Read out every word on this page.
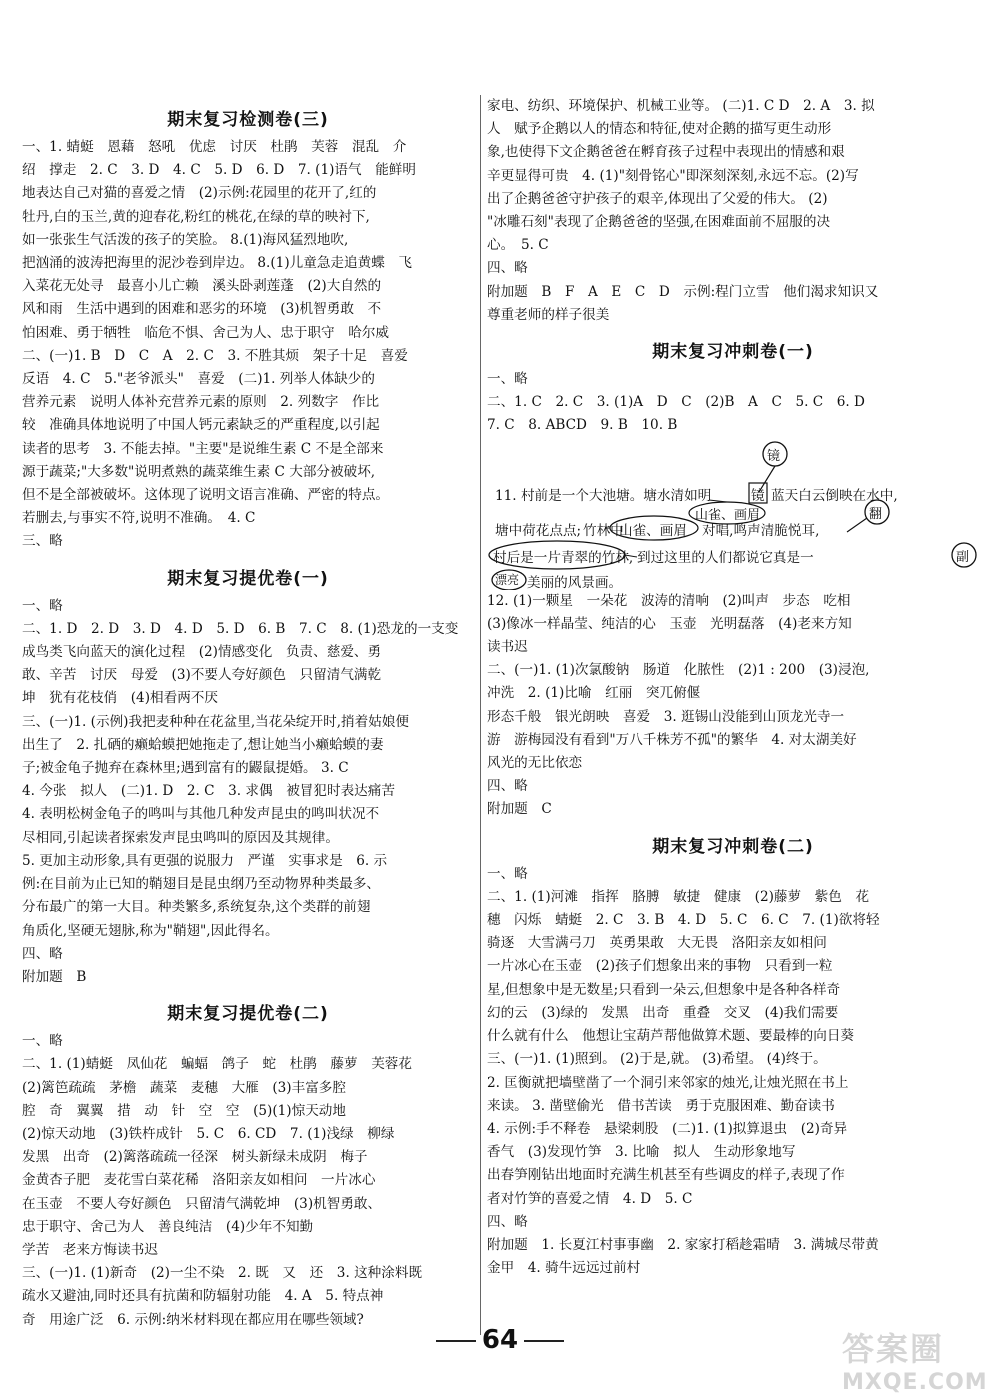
期末复习检测卷(三)
一、1. 蜻蜓　恩藉　怒吼　优虑　讨厌　杜鹃　芙蓉　混乱　介
绍　撑走　2. C　3. D　4. C　5. D　6. D　7. (1)语气　能鲜明
地表达自己对猫的喜爱之情　(2)示例:花园里的花开了,红的
牡丹,白的玉兰,黄的迎春花,粉红的桃花,在绿的草的映衬下,
如一张张生气活泼的孩子的笑脸。 8.(1)海风猛烈地吹,
把汹涌的波涛把海里的泥沙卷到岸边。 8.(1)儿童急走追黄蝶　飞
入菜花无处寻　最喜小儿亡赖　溪头卧剥莲蓬　(2)大自然的
风和雨　生活中遇到的困难和恶劣的环境　(3)机智勇敢　不
怕困难、勇于牺牲　临危不惧、舍己为人、忠于职守　哈尔威
二、(一)1. B　D　C　A　2. C　3. 不胜其烦　架子十足　喜爱
反语　4. C　5."老爷派头"　喜爱　(二)1. 列举人体缺少的
营养元素　说明人体补充营养元素的原则　2. 列数字　作比
较　准确具体地说明了中国人钙元素缺乏的严重程度,以引起
读者的思考　3. 不能去掉。"主要"是说维生素 C 不是全部来
源于蔬菜;"大多数"说明煮熟的蔬菜维生素 C 大部分被破坏,
但不是全部被破坏。这体现了说明文语言准确、严密的特点。
若删去,与事实不符,说明不准确。　4. C
三、略
期末复习提优卷(一)
一、略
二、1. D　2. D　3. D　4. D　5. D　6. B　7. C　8. (1)恐龙的一支变
成鸟类飞向蓝天的演化过程　(2)情感变化　负责、慈爱、勇
敢、辛苦　讨厌　母爱　(3)不要人夸好颜色　只留清气满乾
坤　犹有花枝俏　(4)相看两不厌
三、(一)1. (示例)我把麦种种在花盆里,当花朵绽开时,捎着姑娘便
出生了　2. 扎硒的癞蛤蟆把她拖走了,想让她当小癞蛤蟆的妻
子;被金龟子抛弃在森林里;遇到富有的鼹鼠提婚。 3. C
4. 今张　拟人　(二)1. D　2. C　3. 求偶　被冒犯时表达痛苦
4. 表明松树金龟子的鸣叫与其他几种发声昆虫的鸣叫状况不
尽相同,引起读者探索发声昆虫鸣叫的原因及其规律。
5. 更加主动形象,具有更强的说服力　严谨　实事求是　6. 示
例:在目前为止已知的鞘翅目是昆虫纲乃至动物界种类最多、
分布最广的第一大目。种类繁多,系统复杂,这个类群的前翅
角质化,坚硬无翅脉,称为"鞘翅",因此得名。
四、略
附加题　B
期末复习提优卷(二)
一、略
二、1. (1)蜻蜓　凤仙花　蝙蝠　鸽子　蛇　杜鹃　藤萝　芙蓉花
(2)篱笆疏疏　茅檐　蔬菜　麦穗　大雁　(3)丰富多腔
腔　奇　翼翼　措　动　针　空　空　(5)(1)惊天动地
(2)惊天动地　(3)铁杵成针　5. C　6. CD　7. (1)浅绿　柳绿
发黑　出奇　(2)篱落疏疏一径深　树头新绿未成阴　梅子
金黄杏子肥　麦花雪白菜花稀　洛阳亲友如相问　一片冰心
在玉壶　不要人夸好颜色　只留清气满乾坤　(3)机智勇敢、
忠于职守、舍己为人　善良纯洁　(4)少年不知勤
学苦　老来方悔读书迟
三、(一)1. (1)新奇　(2)一尘不染　2. 既　又　还　3. 这种涂料既
疏水又避油,同时还具有抗菌和防辐射功能　4. A　5. 特点神
奇　用途广泛　6. 示例:纳米材料现在都应用在哪些领域?
家电、纺织、环境保护、机械工业等。 (二)1. C D　2. A　3. 拟
人　赋予企鹅以人的情态和特征,使对企鹅的描写更生动形
象,也使得下文企鹅爸爸在孵育孩子过程中表现出的情感和艰
辛更显得可贵　4. (1)"刻骨铭心"即深刻深刻,永远不忘。(2)写
出了企鹅爸爸守护孩子的艰辛,体现出了父爱的伟大。 (2)
"冰雕石刻"表现了企鹅爸爸的坚强,在困难面前不屈服的决
心。　5. C
四、略
附加题　B　F　A　E　C　D　示例:程门立雪　他们渴求知识又
尊重老师的样子很美
期末复习冲刺卷(一)
一、略
二、1. C　2. C　3. (1)A　D　C　(2)B　A　C　5. C　6. D
7. C　8. ABCD　9. B　10. B
镜
11. 村前是一个大池塘。塘水清如明	镜 蓝天白云倒映在水中,
山雀、画眉
塘中荷花点点; 竹林中
山雀、画眉 对唱,鸣声清脆悦耳,
翻
村后是一片青翠的竹林, 到过这里的人们都说它真是一	副
漂亮 美丽的风景画。
12. (1)一颗星　一朵花　波涛的清响　(2)叫声　步态　吃相
(3)像冰一样晶莹、纯洁的心　玉壶　光明磊落　(4)老来方知
读书迟
二、(一)1. (1)次氯酸钠　肠道　化脓性　(2)1 : 200　(3)浸泡,
冲洗　2. (1)比喻　红丽　突兀俯偃
形态千般　银光朗映　喜爱　3. 逛锡山没能到山顶龙光寺一
游　游梅园没有看到"万八千株芳不孤"的繁华　4. 对太湖美好
风光的无比依恋
四、略
附加题　C
期末复习冲刺卷(二)
一、略
二、1. (1)河滩　指挥　胳膊　敏捷　健康　(2)藤萝　紫色　花
穗　闪烁　蜻蜓　2. C　3. B　4. D　5. C　6. C　7. (1)欲将轻
骑逐　大雪满弓刀　英勇果敢　大无畏　洛阳亲友如相问
一片冰心在玉壶　(2)孩子们想象出来的事物　只看到一粒
星,但想象中是无数星;只看到一朵云,但想象中是各种各样奇
幻的云　(3)绿的　发黑　出奇　重叠　交叉　(4)我们需要
什么就有什么　他想让宝葫芦帮他做算术题、要最棒的向日葵
三、(一)1. (1)照到。 (2)于是,就。 (3)希望。 (4)终于。
2. 匡衡就把墙壁凿了一个洞引来邻家的烛光,让烛光照在书上
来读。 3. 凿壁偷光　借书苦读　勇于克服困难、勤奋读书
4. 示例:手不释卷　悬梁刺股　(二)1. (1)拟算退虫　(2)奇异
香气　(3)发现竹笋　3. 比喻　拟人　生动形象地写
出春笋刚钻出地面时充满生机甚至有些调皮的样子,表现了作
者对竹笋的喜爱之情　4. D　5. C
四、略
附加题　1. 长夏江村事事幽　2. 家家打稻趁霜晴　3. 满城尽带黄
金甲　4. 骑牛远远过前村
64	答案圈
MXQE.COM
